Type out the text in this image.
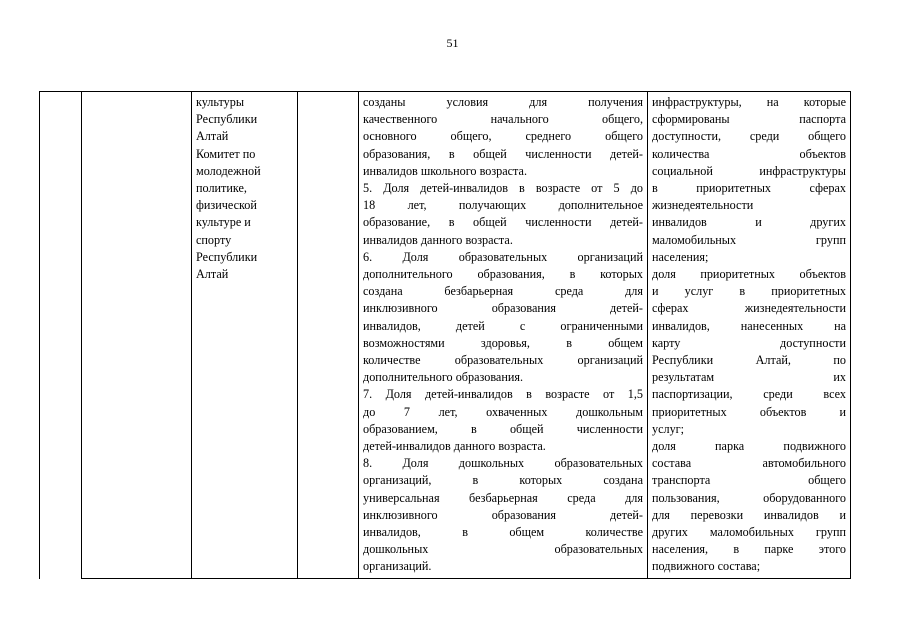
51
культуры
Республики
Алтай
Комитет по
молодежной
политике,
физической
культуре и
спорту
Республики
Алтай
созданы условия для получения
качественного начального общего,
основного общего, среднего общего
образования, в общей численности детей-
инвалидов школьного возраста.
5. Доля детей-инвалидов в возрасте от 5 до
18 лет, получающих дополнительное
образование, в общей численности детей-
инвалидов данного возраста.
6. Доля образовательных организаций
дополнительного образования, в которых
создана безбарьерная среда для
инклюзивного образования детей-
инвалидов, детей с ограниченными
возможностями здоровья, в общем
количестве образовательных организаций
дополнительного образования.
7. Доля детей-инвалидов в возрасте от 1,5
до 7 лет, охваченных дошкольным
образованием, в общей численности
детей-инвалидов данного возраста.
8. Доля дошкольных образовательных
организаций, в которых создана
универсальная безбарьерная среда для
инклюзивного образования детей-
инвалидов, в общем количестве
дошкольных образовательных
организаций.
инфраструктуры, на которые
сформированы паспорта
доступности, среди общего
количества объектов
социальной инфраструктуры
в приоритетных сферах
жизнедеятельности
инвалидов и других
маломобильных групп
населения;
доля приоритетных объектов
и услуг в приоритетных
сферах жизнедеятельности
инвалидов, нанесенных на
карту доступности
Республики Алтай, по
результатам их
паспортизации, среди всех
приоритетных объектов и
услуг;
доля парка подвижного
состава автомобильного
транспорта общего
пользования, оборудованного
для перевозки инвалидов и
других маломобильных групп
населения, в парке этого
подвижного состава;
